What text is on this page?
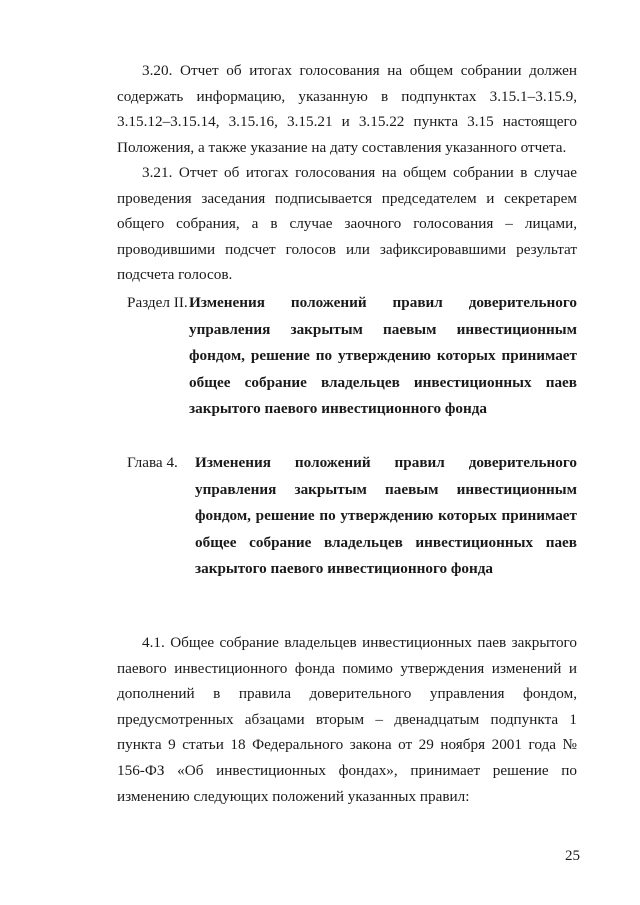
3.20. Отчет об итогах голосования на общем собрании должен содержать информацию, указанную в подпунктах 3.15.1–3.15.9, 3.15.12–3.15.14, 3.15.16, 3.15.21 и 3.15.22 пункта 3.15 настоящего Положения, а также указание на дату составления указанного отчета.

3.21. Отчет об итогах голосования на общем собрании в случае проведения заседания подписывается председателем и секретарем общего собрания, а в случае заочного голосования – лицами, проводившими подсчет голосов или зафиксировавшими результат подсчета голосов.

Раздел II. Изменения положений правил доверительного управления закрытым паевым инвестиционным фондом, решение по утверждению которых принимает общее собрание владельцев инвестиционных паев закрытого паевого инвестиционного фонда
Глава 4. Изменения положений правил доверительного управления закрытым паевым инвестиционным фондом, решение по утверждению которых принимает общее собрание владельцев инвестиционных паев закрытого паевого инвестиционного фонда

4.1. Общее собрание владельцев инвестиционных паев закрытого паевого инвестиционного фонда помимо утверждения изменений и дополнений в правила доверительного управления фондом, предусмотренных абзацами вторым – двенадцатым подпункта 1 пункта 9 статьи 18 Федерального закона от 29 ноября 2001 года № 156-ФЗ «Об инвестиционных фондах», принимает решение по изменению следующих положений указанных правил:

25
